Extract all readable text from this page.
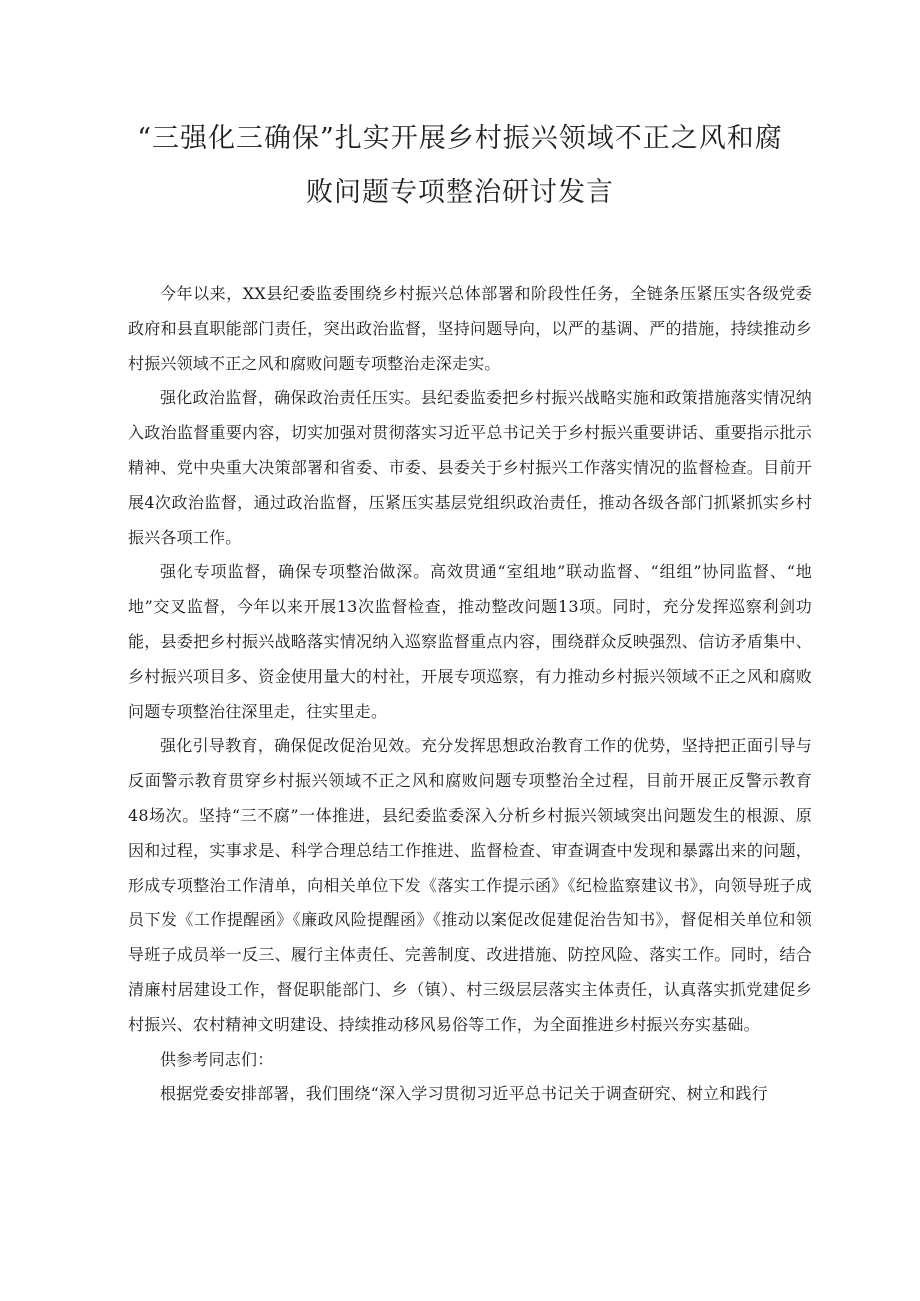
“三强化三确保”扎实开展乡村振兴领域不正之风和腐
败问题专项整治研讨发言

今年以来，XX县纪委监委围绕乡村振兴总体部署和阶段性任务，全链条压紧压实各级党委政府和县直职能部门责任，突出政治监督，坚持问题导向，以严的基调、严的措施，持续推动乡村振兴领域不正之风和腐败问题专项整治走深走实。

强化政治监督，确保政治责任压实。县纪委监委把乡村振兴战略实施和政策措施落实情况纳入政治监督重要内容，切实加强对贯彻落实习近平总书记关于乡村振兴重要讲话、重要指示批示精神、党中央重大决策部署和省委、市委、县委关于乡村振兴工作落实情况的监督检查。目前开展4次政治监督，通过政治监督，压紧压实基层党组织政治责任，推动各级各部门抓紧抓实乡村振兴各项工作。

强化专项监督，确保专项整治做深。高效贯通“室组地”联动监督、“组组”协同监督、“地地”交叉监督，今年以来开展13次监督检查，推动整改问题13项。同时，充分发挥巡察利剑功能，县委把乡村振兴战略落实情况纳入巡察监督重点内容，围绕群众反映强烈、信访矛盾集中、乡村振兴项目多、资金使用量大的村社，开展专项巡察，有力推动乡村振兴领域不正之风和腐败问题专项整治往深里走，往实里走。

强化引导教育，确保促改促治见效。充分发挥思想政治教育工作的优势，坚持把正面引导与反面警示教育贯穿乡村振兴领域不正之风和腐败问题专项整治全过程，目前开展正反警示教育48场次。坚持“三不腐”一体推进，县纪委监委深入分析乡村振兴领域突出问题发生的根源、原因和过程，实事求是、科学合理总结工作推进、监督检查、审查调查中发现和暴露出来的问题，形成专项整治工作清单，向相关单位下发《落实工作提示函》《纪检监察建议书》，向领导班子成员下发《工作提醒函》《廉政风险提醒函》《推动以案促改促建促治告知书》，督促相关单位和领导班子成员举一反三、履行主体责任、完善制度、改进措施、防控风险、落实工作。同时，结合清廉村居建设工作，督促职能部门、乡（镇）、村三级层层落实主体责任，认真落实抓党建促乡村振兴、农村精神文明建设、持续推动移风易俗等工作，为全面推进乡村振兴夯实基础。

供参考同志们：

根据党委安排部署，我们围绕“深入学习贯彻习近平总书记关于调查研究、树立和践行
